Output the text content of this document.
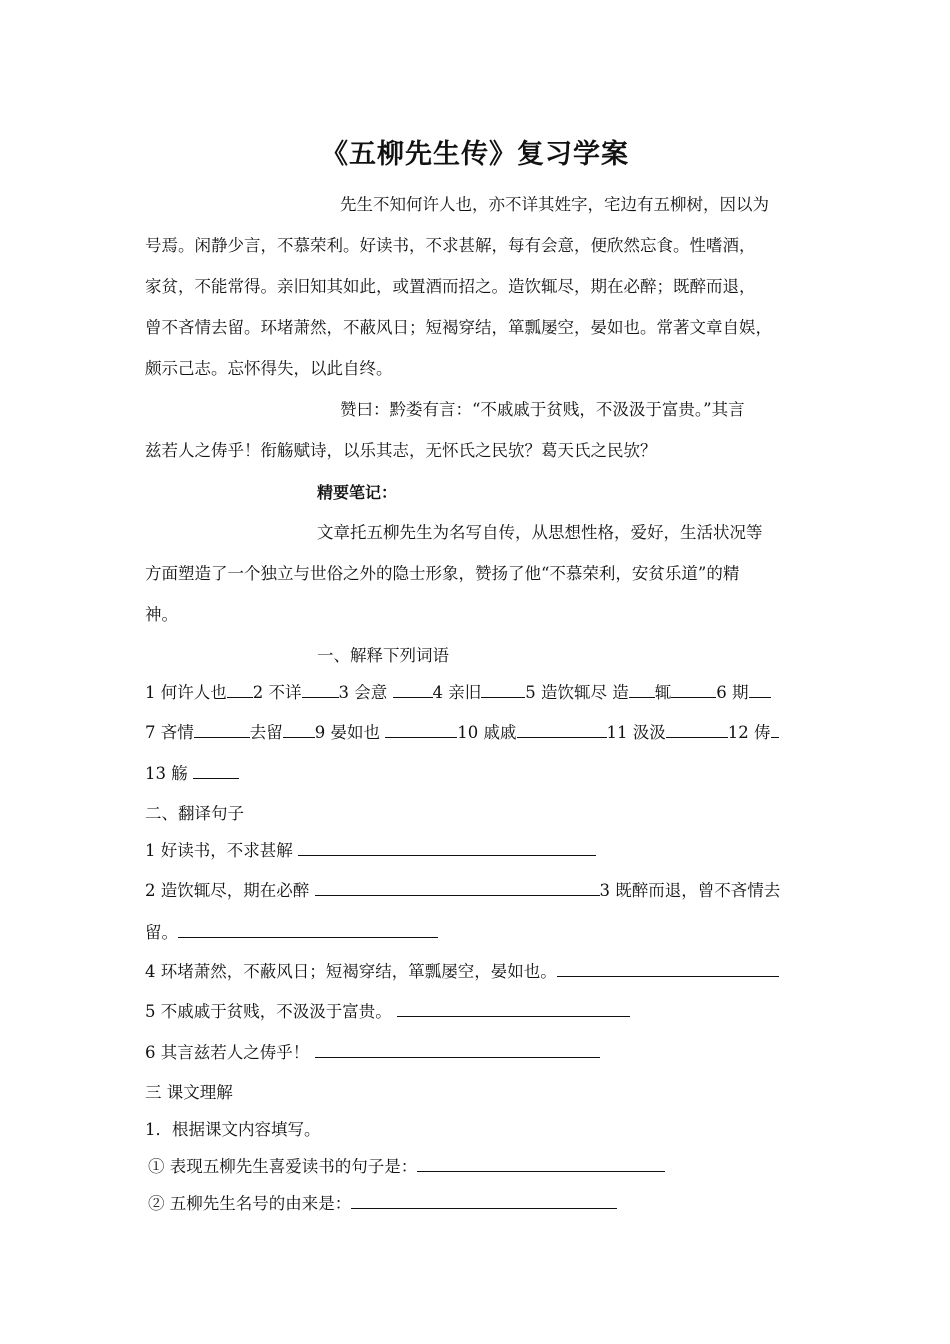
《五柳先生传》复习学案
先生不知何许人也，亦不详其姓字，宅边有五柳树，因以为
号焉。闲静少言，不慕荣利。好读书，不求甚解，每有会意，便欣然忘食。性嗜酒，
家贫，不能常得。亲旧知其如此，或置酒而招之。造饮辄尽，期在必醉；既醉而退，
曾不吝情去留。环堵萧然，不蔽风日；短褐穿结，箪瓢屡空，晏如也。常著文章自娱，
颇示己志。忘怀得失，以此自终。
赞曰：黔娄有言：“不戚戚于贫贱，不汲汲于富贵。”其言
兹若人之俦乎！衔觞赋诗，以乐其志，无怀氏之民欤？葛天氏之民欤？
精要笔记：
文章托五柳先生为名写自传，从思想性格，爱好，生活状况等
方面塑造了一个独立与世俗之外的隐士形象，赞扬了他“不慕荣利，安贫乐道”的精
神。
一、解释下列词语
1 何许人也 2 不详 3 会意 4 亲旧	5 造饮辄尽 造 辄	6 期
7 吝情	去留 9 晏如也	10 戚戚	11 汲汲	12 俦
13 觞
二、翻译句子
1 好读书，不求甚解
2 造饮辄尽，期在必醉	3 既醉而退，曾不吝情去
留。
4 环堵萧然，不蔽风日；短褐穿结，箪瓢屡空，晏如也。
5 不戚戚于贫贱，不汲汲于富贵。
6 其言兹若人之俦乎！
三 课文理解
1．根据课文内容填写。
① 表现五柳先生喜爱读书的句子是：
② 五柳先生名号的由来是：
